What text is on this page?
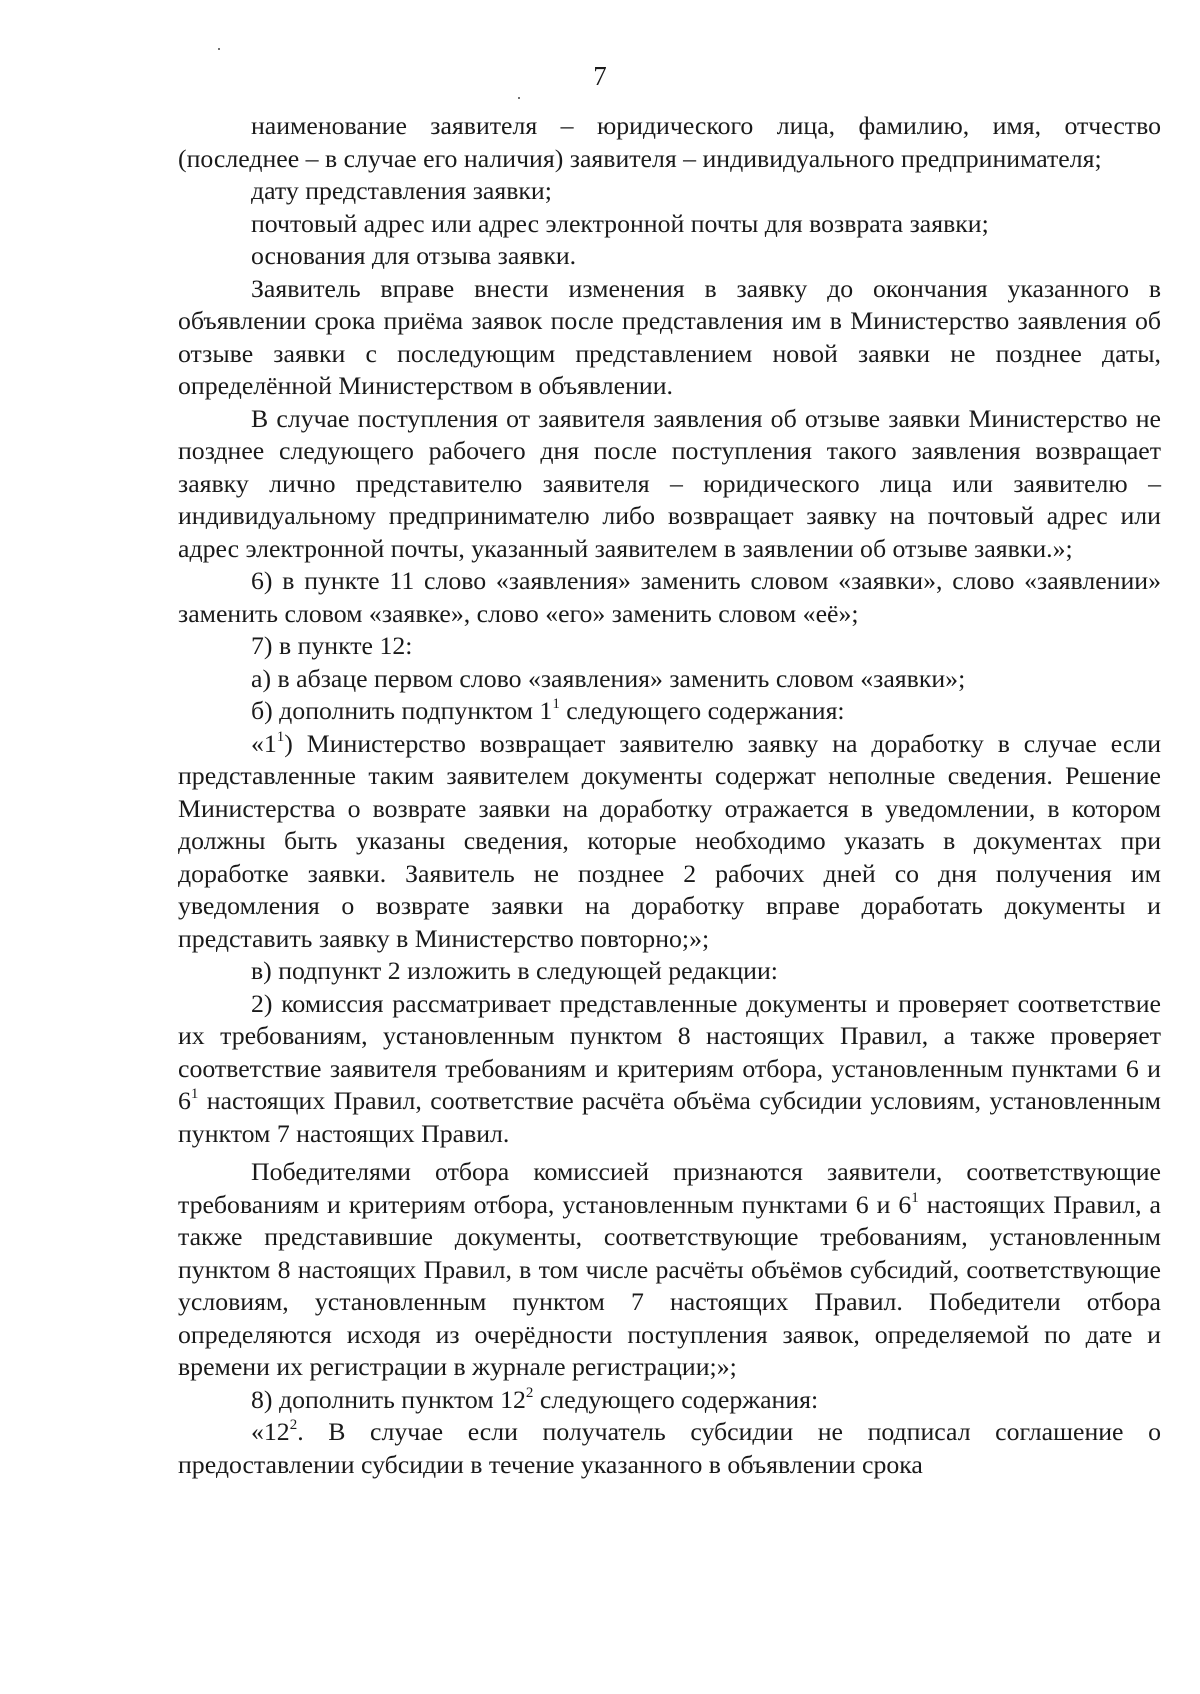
7

наименование заявителя – юридического лица, фамилию, имя, отчество (последнее – в случае его наличия) заявителя – индивидуального предпринимателя;

дату представления заявки;

почтовый адрес или адрес электронной почты для возврата заявки;

основания для отзыва заявки.

Заявитель вправе внести изменения в заявку до окончания указанного в объявлении срока приёма заявок после представления им в Министерство заявления об отзыве заявки с последующим представлением новой заявки не позднее даты, определённой Министерством в объявлении.

В случае поступления от заявителя заявления об отзыве заявки Министерство не позднее следующего рабочего дня после поступления такого заявления возвращает заявку лично представителю заявителя – юридического лица или заявителю – индивидуальному предпринимателю либо возвращает заявку на почтовый адрес или адрес электронной почты, указанный заявителем в заявлении об отзыве заявки.»;

6) в пункте 11 слово «заявления» заменить словом «заявки», слово «заявлении» заменить словом «заявке», слово «его» заменить словом «её»;

7) в пункте 12:

а) в абзаце первом слово «заявления» заменить словом «заявки»;

б) дополнить подпунктом $1^1$ следующего содержания:

«$1^1$) Министерство возвращает заявителю заявку на доработку в случае если представленные таким заявителем документы содержат неполные сведения. Решение Министерства о возврате заявки на доработку отражается в уведомлении, в котором должны быть указаны сведения, которые необходимо указать в документах при доработке заявки. Заявитель не позднее 2 рабочих дней со дня получения им уведомления о возврате заявки на доработку вправе доработать документы и представить заявку в Министерство повторно;»;

в) подпункт 2 изложить в следующей редакции:

2) комиссия рассматривает представленные документы и проверяет соответствие их требованиям, установленным пунктом 8 настоящих Правил, а также проверяет соответствие заявителя требованиям и критериям отбора, установленным пунктами 6 и $6^1$ настоящих Правил, соответствие расчёта объёма субсидии условиям, установленным пунктом 7 настоящих Правил.

Победителями отбора комиссией признаются заявители, соответствующие требованиям и критериям отбора, установленным пунктами 6 и $6^1$ настоящих Правил, а также представившие документы, соответствующие требованиям, установленным пунктом 8 настоящих Правил, в том числе расчёты объёмов субсидий, соответствующие условиям, установленным пунктом 7 настоящих Правил. Победители отбора определяются исходя из очерёдности поступления заявок, определяемой по дате и времени их регистрации в журнале регистрации;»;

8) дополнить пунктом $12^2$ следующего содержания:

«$12^2$. В случае если получатель субсидии не подписал соглашение о предоставлении субсидии в течение указанного в объявлении срока
